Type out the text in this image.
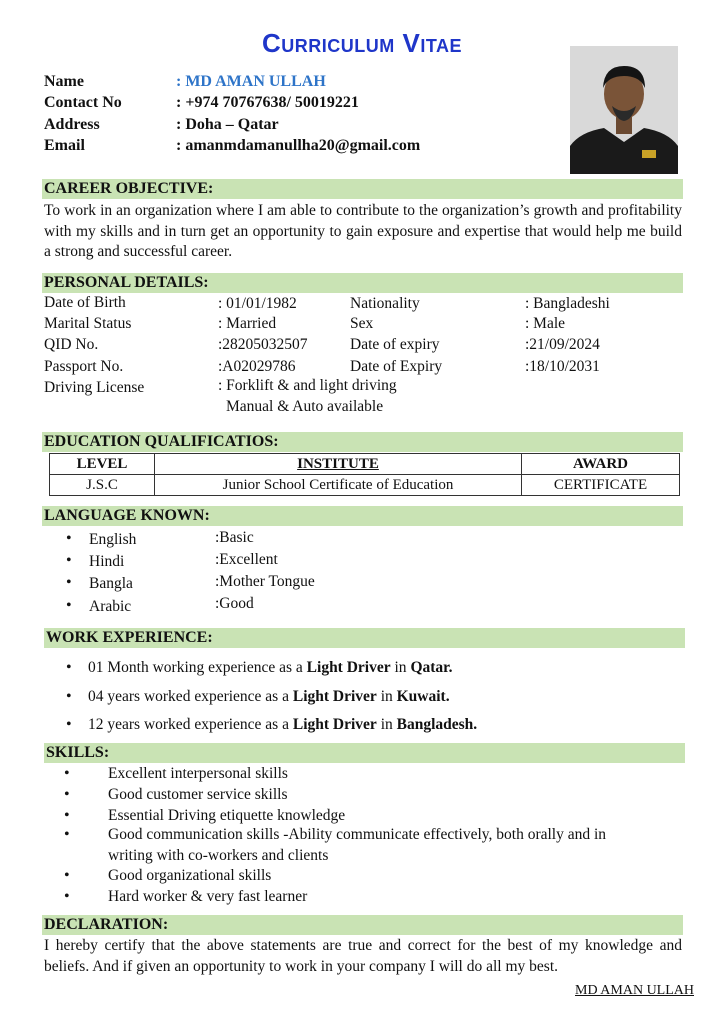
Curriculum Vitae
Name	: MD AMAN ULLAH
Contact No	: +974 70767638/ 50019221
Address	: Doha – Qatar
Email	: amanmdamanullha20@gmail.com
CAREER OBJECTIVE:
To work in an organization where I am able to contribute to the organization’s growth and profitability with my skills and in turn get an opportunity to gain exposure and expertise that would help me build a strong and successful career.
PERSONAL DETAILS:
Date of Birth	: 01/01/1982	Nationality	: Bangladeshi
Marital Status	: Married	Sex	: Male
QID No.	:28205032507	Date of expiry	:21/09/2024
Passport No.	:A02029786	Date of Expiry	:18/10/2031
Driving License	: Forklift & and light driving
Manual & Auto available
EDUCATION QUALIFICATIOS:
LEVEL	INSTITUTE	AWARD
J.S.C	Junior School Certificate of Education	CERTIFICATE
LANGUAGE KNOWN:
• English	:Basic
• Hindi	:Excellent
• Bangla	:Mother Tongue
• Arabic	:Good
WORK EXPERIENCE:
• 01 Month working experience as a Light Driver in Qatar.
• 04 years worked experience as a Light Driver in Kuwait.
• 12 years worked experience as a Light Driver in Bangladesh.
SKILLS:
• Excellent interpersonal skills
• Good customer service skills
• Essential Driving etiquette knowledge
• Good communication skills -Ability communicate effectively, both orally and in
writing with co-workers and clients
• Good organizational skills
• Hard worker & very fast learner
DECLARATION:
I hereby certify that the above statements are true and correct for the best of my knowledge and beliefs. And if given an opportunity to work in your company I will do all my best.
MD AMAN ULLAH
